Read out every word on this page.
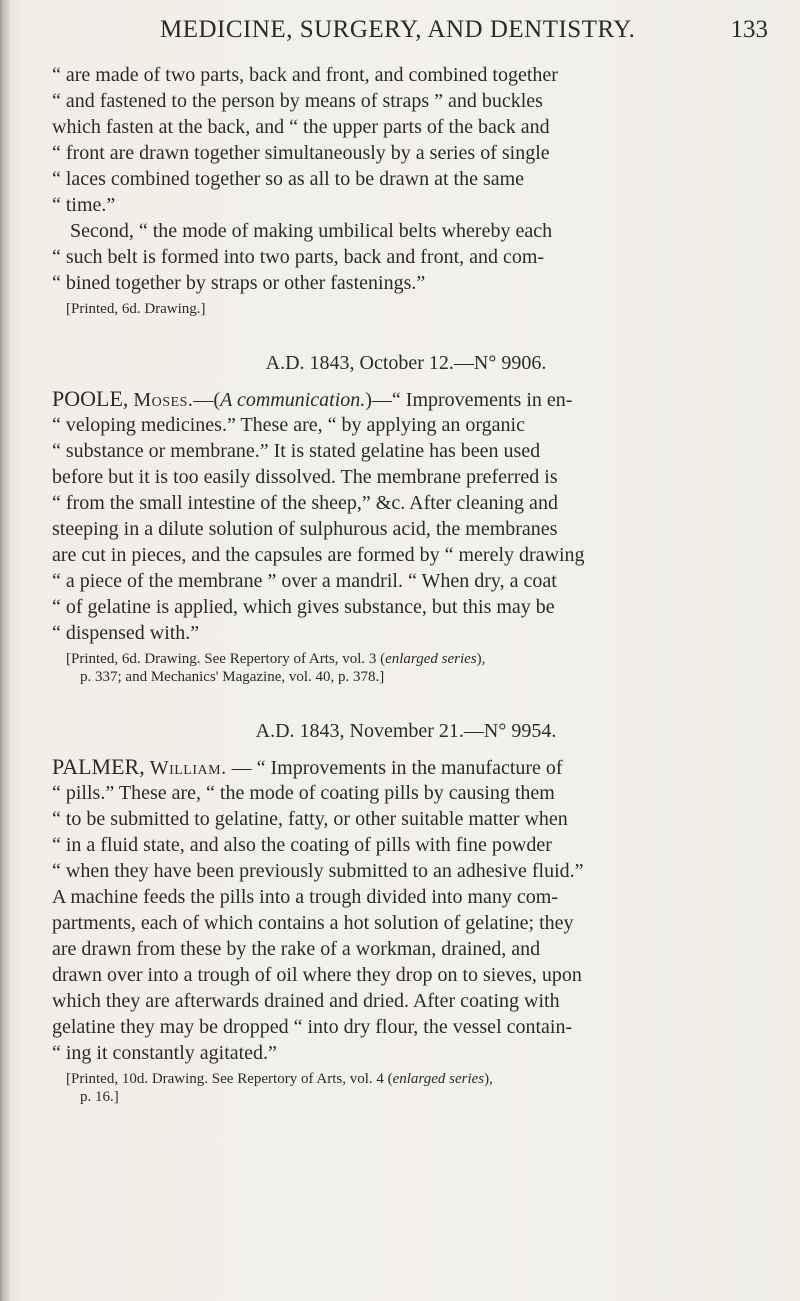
MEDICINE, SURGERY, AND DENTISTRY.	133
“ are made of two parts, back and front, and combined together
“ and fastened to the person by means of straps ” and buckles
which fasten at the back, and “ the upper parts of the back and
“ front are drawn together simultaneously by a series of single
“ laces combined together so as all to be drawn at the same
“ time.”
Second, “ the mode of making umbilical belts whereby each
“ such belt is formed into two parts, back and front, and com-
“ bined together by straps or other fastenings.”
[Printed, 6d. Drawing.]
A.D. 1843, October 12.—N° 9906.
POOLE, Moses.—(A communication.)—“ Improvements in en-
“ veloping medicines.” These are, “ by applying an organic
“ substance or membrane.” It is stated gelatine has been used
before but it is too easily dissolved. The membrane preferred is
“ from the small intestine of the sheep,” &c. After cleaning and
steeping in a dilute solution of sulphurous acid, the membranes
are cut in pieces, and the capsules are formed by “ merely drawing
“ a piece of the membrane ” over a mandril. “ When dry, a coat
“ of gelatine is applied, which gives substance, but this may be
“ dispensed with.”
[Printed, 6d. Drawing. See Repertory of Arts, vol. 3 (enlarged series),
p. 337; and Mechanics' Magazine, vol. 40, p. 378.]
A.D. 1843, November 21.—N° 9954.
PALMER, William. — “ Improvements in the manufacture of
“ pills.” These are, “ the mode of coating pills by causing them
“ to be submitted to gelatine, fatty, or other suitable matter when
“ in a fluid state, and also the coating of pills with fine powder
“ when they have been previously submitted to an adhesive fluid.”
A machine feeds the pills into a trough divided into many com-
partments, each of which contains a hot solution of gelatine; they
are drawn from these by the rake of a workman, drained, and
drawn over into a trough of oil where they drop on to sieves, upon
which they are afterwards drained and dried. After coating with
gelatine they may be dropped “ into dry flour, the vessel contain-
“ ing it constantly agitated.”
[Printed, 10d. Drawing. See Repertory of Arts, vol. 4 (enlarged series),
p. 16.]
